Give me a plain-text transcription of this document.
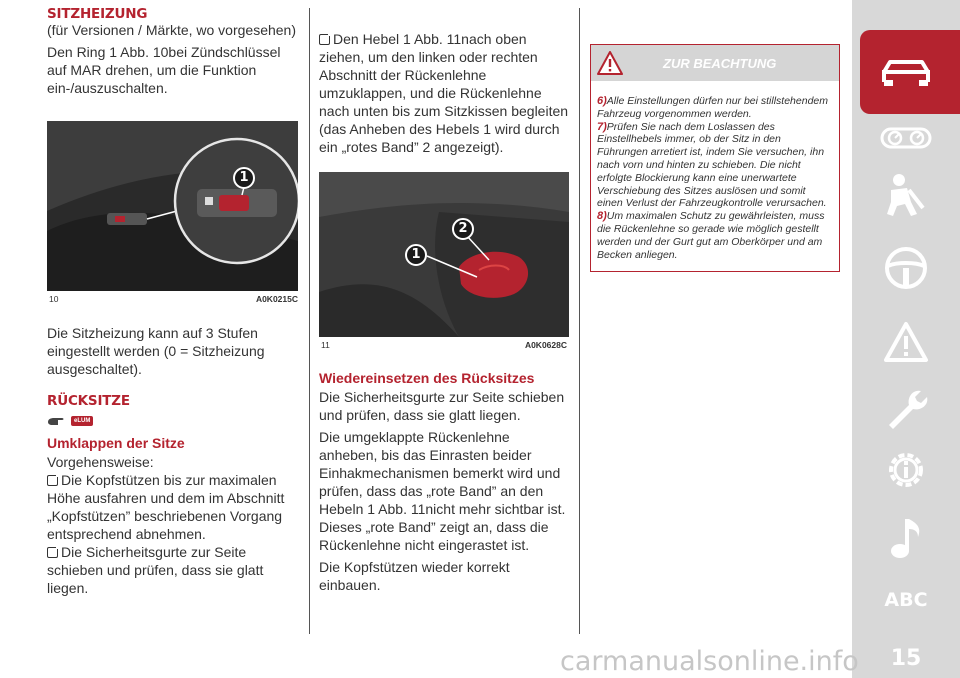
SITZHEIZUNG
(für Versionen / Märkte, wo vorgesehen)
Den Ring 1 Abb. 10bei Zündschlüssel auf MAR drehen, um die Funktion ein-/auszuschalten.
1
10	A0K0215C
Die Sitzheizung kann auf 3 Stufen eingestellt werden (0 = Sitzheizung ausgeschaltet).
RÜCKSITZE
eLUM
Umklappen der Sitze
Vorgehensweise:
Die Kopfstützen bis zur maximalen Höhe ausfahren und dem im Abschnitt „Kopfstützen” beschriebenen Vorgang entsprechend abnehmen.
Die Sicherheitsgurte zur Seite schieben und prüfen, dass sie glatt liegen.
Den Hebel 1 Abb. 11nach oben ziehen, um den linken oder rechten Abschnitt der Rückenlehne umzuklappen, und die Rückenlehne nach unten bis zum Sitzkissen begleiten (das Anheben des Hebels 1 wird durch ein „rotes Band” 2 angezeigt).
1
2
11	A0K0628C
Wiedereinsetzen des Rücksitzes
Die Sicherheitsgurte zur Seite schieben und prüfen, dass sie glatt liegen.
Die umgeklappte Rückenlehne anheben, bis das Einrasten beider Einhakmechanismen bemerkt wird und prüfen, dass das „rote Band” an den Hebeln 1 Abb. 11nicht mehr sichtbar ist. Dieses „rote Band” zeigt an, dass die Rückenlehne nicht eingerastet ist.
Die Kopfstützen wieder korrekt einbauen.
ZUR BEACHTUNG
6)Alle Einstellungen dürfen nur bei stillstehendem Fahrzeug vorgenommen werden.
7)Prüfen Sie nach dem Loslassen des Einstellhebels immer, ob der Sitz in den Führungen arretiert ist, indem Sie versuchen, ihn nach vorn und hinten zu schieben. Die nicht erfolgte Blockierung kann eine unerwartete Verschiebung des Sitzes auslösen und somit einen Verlust der Fahrzeugkontrolle verursachen.
8)Um maximalen Schutz zu gewährleisten, muss die Rückenlehne so gerade wie möglich gestellt werden und der Gurt gut am Oberkörper und am Becken anliegen.
ABC
15
carmanualsonline.info
